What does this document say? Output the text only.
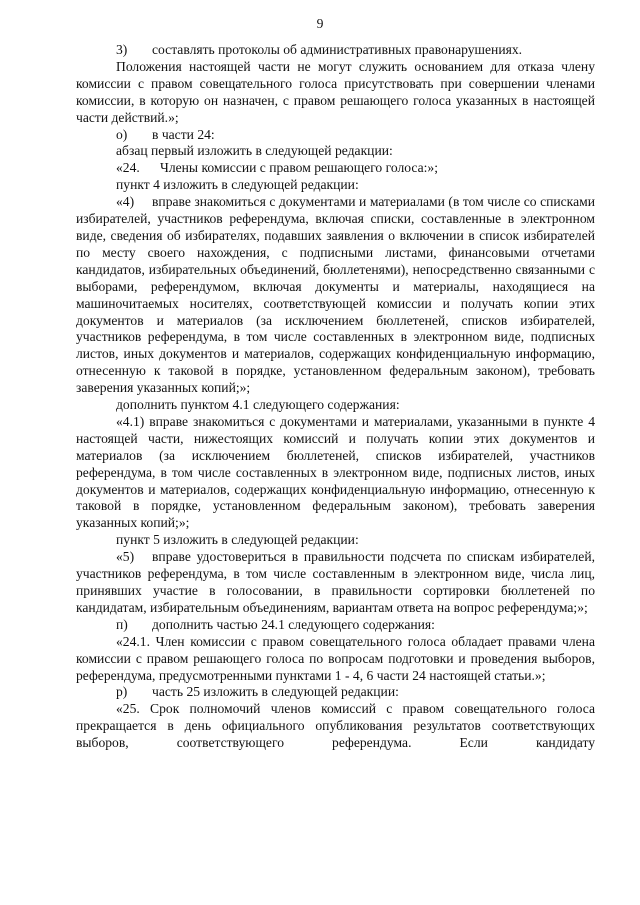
9

3) составлять протоколы об административных правонарушениях.

Положения настоящей части не могут служить основанием для отказа члену комиссии с правом совещательного голоса присутствовать при совершении членами комиссии, в которую он назначен, с правом решающего голоса указанных в настоящей части действий.»;

о) в части 24:

абзац первый изложить в следующей редакции:

«24. Члены комиссии с правом решающего голоса:»;

пункт 4 изложить в следующей редакции:

«4) вправе знакомиться с документами и материалами (в том числе со списками избирателей, участников референдума, включая списки, составленные в электронном виде, сведения об избирателях, подавших заявления о включении в список избирателей по месту своего нахождения, с подписными листами, финансовыми отчетами кандидатов, избирательных объединений, бюллетенями), непосредственно связанными с выборами, референдумом, включая документы и материалы, находящиеся на машиночитаемых носителях, соответствующей комиссии и получать копии этих документов и материалов (за исключением бюллетеней, списков избирателей, участников референдума, в том числе составленных в электронном виде, подписных листов, иных документов и материалов, содержащих конфиденциальную информацию, отнесенную к таковой в порядке, установленном федеральным законом), требовать заверения указанных копий;»;

дополнить пунктом 4.1 следующего содержания:

«4.1) вправе знакомиться с документами и материалами, указанными в пункте 4 настоящей части, нижестоящих комиссий и получать копии этих документов и материалов (за исключением бюллетеней, списков избирателей, участников референдума, в том числе составленных в электронном виде, подписных листов, иных документов и материалов, содержащих конфиденциальную информацию, отнесенную к таковой в порядке, установленном федеральным законом), требовать заверения указанных копий;»;

пункт 5 изложить в следующей редакции:

«5) вправе удостовериться в правильности подсчета по спискам избирателей, участников референдума, в том числе составленным в электронном виде, числа лиц, принявших участие в голосовании, в правильности сортировки бюллетеней по кандидатам, избирательным объединениям, вариантам ответа на вопрос референдума;»;

п) дополнить частью 24.1 следующего содержания:

«24.1. Член комиссии с правом совещательного голоса обладает правами члена комиссии с правом решающего голоса по вопросам подготовки и проведения выборов, референдума, предусмотренными пунктами 1 - 4, 6 части 24 настоящей статьи.»;

р) часть 25 изложить в следующей редакции:

«25. Срок полномочий членов комиссий с правом совещательного голоса прекращается в день официального опубликования результатов соответствующих выборов, соответствующего референдума. Если кандидату
